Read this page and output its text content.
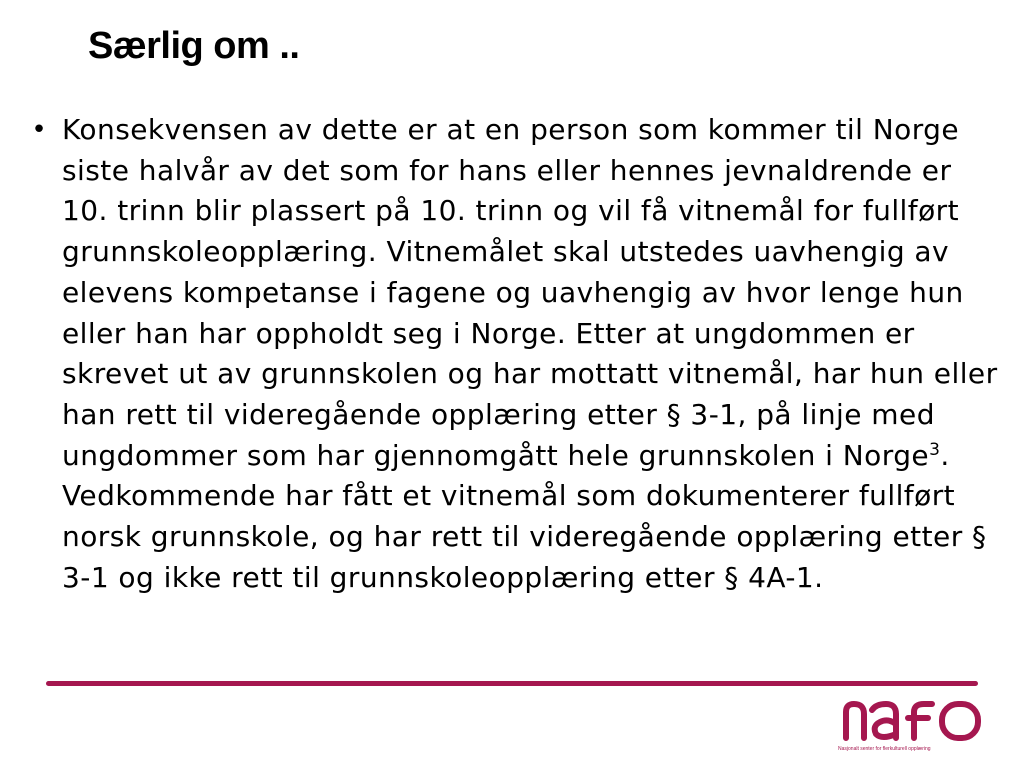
Særlig om ..
• Konsekvensen av dette er at en person som kommer til Norge siste halvår av det som for hans eller hennes jevnaldrende er 10. trinn blir plassert på 10. trinn og vil få vitnemål for fullført grunnskoleopplæring. Vitnemålet skal utstedes uavhengig av elevens kompetanse i fagene og uavhengig av hvor lenge hun eller han har oppholdt seg i Norge. Etter at ungdommen er skrevet ut av grunnskolen og har mottatt vitnemål, har hun eller han rett til videregående opplæring etter § 3-1, på linje med ungdommer som har gjennomgått hele grunnskolen i Norge$^3$. Vedkommende har fått et vitnemål som dokumenterer fullført norsk grunnskole, og har rett til videregående opplæring etter § 3-1 og ikke rett til grunnskoleopplæring etter § 4A-1.

Nasjonalt senter for flerkulturell opplæring
